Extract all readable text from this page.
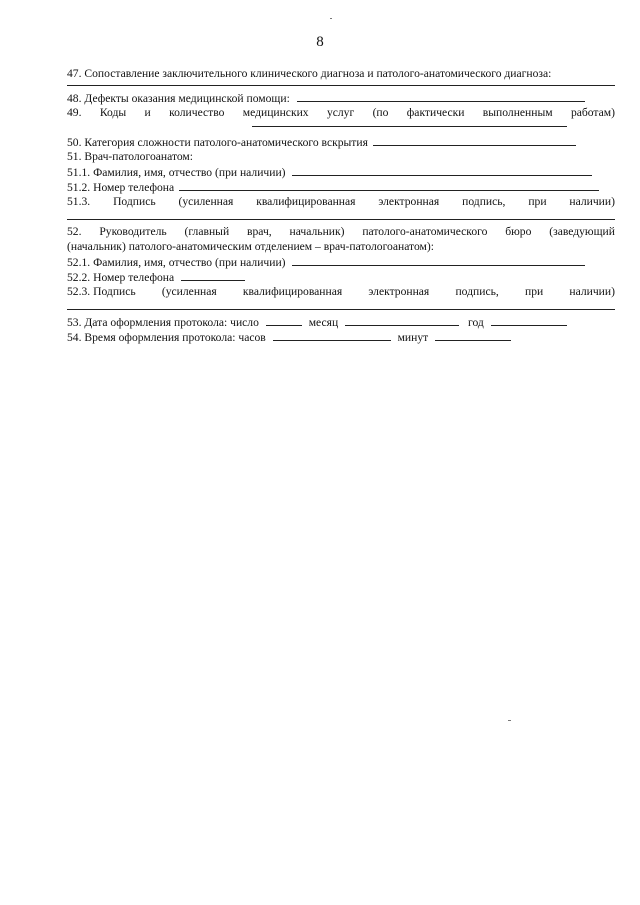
8
47. Сопоставление заключительного клинического диагноза и патолого-анатомического диагноза:
48. Дефекты оказания медицинской помощи:
49. Коды и количество медицинских услуг (по фактически выполненным работам)
50. Категория сложности патолого-анатомического вскрытия
51. Врач-патологоанатом:
51.1. Фамилия, имя, отчество (при наличии)
51.2. Номер телефона
51.3. Подпись (усиленная квалифицированная электронная подпись, при наличии)
52. Руководитель (главный врач, начальник) патолого-анатомического бюро (заведующий
(начальник) патолого-анатомическим отделением – врач-патологоанатом):
52.1. Фамилия, имя, отчество (при наличии)
52.2. Номер телефона
52.3. Подпись (усиленная квалифицированная электронная подпись, при наличии)
53. Дата оформления протокола: число	месяц	год
54. Время оформления протокола: часов	минут
